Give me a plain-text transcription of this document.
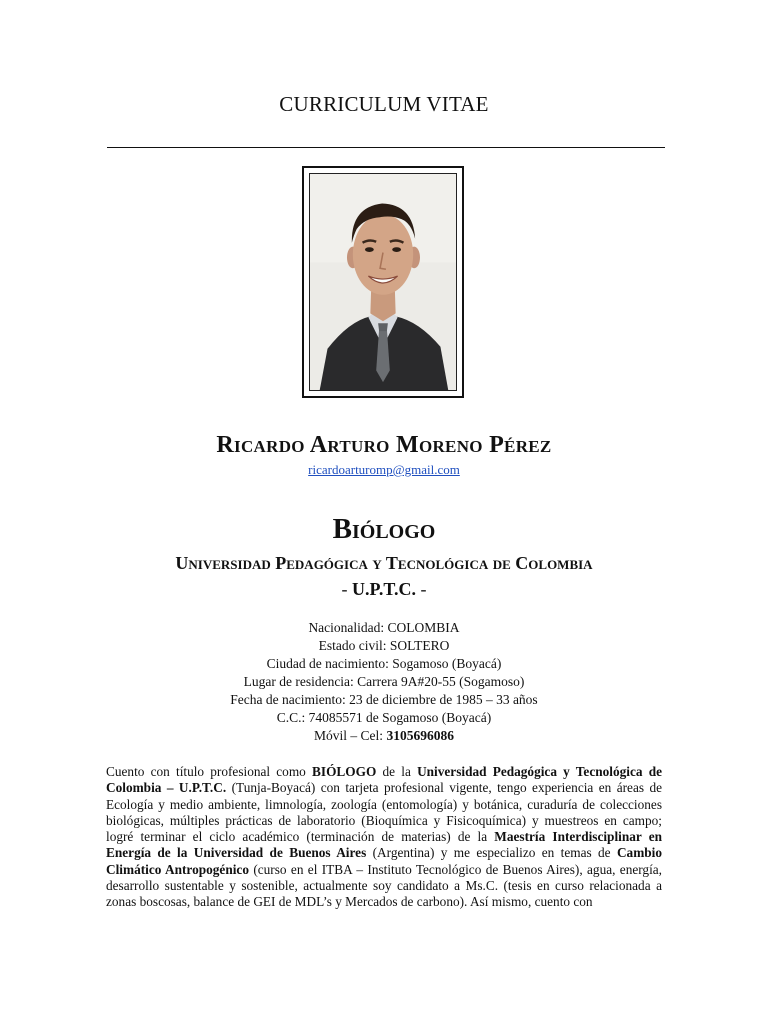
CURRICULUM VITAE
Ricardo Arturo Moreno Pérez
ricardoarturomp@gmail.com
Biólogo
Universidad Pedagógica y Tecnológica de Colombia
- U.P.T.C. -
Nacionalidad: COLOMBIA
Estado civil: SOLTERO
Ciudad de nacimiento: Sogamoso (Boyacá)
Lugar de residencia: Carrera 9A#20-55 (Sogamoso)
Fecha de nacimiento: 23 de diciembre de 1985 – 33 años
C.C.: 74085571 de Sogamoso (Boyacá)
Móvil – Cel: 3105696086
Cuento con título profesional como BIÓLOGO de la Universidad Pedagógica y Tecnológica de Colombia – U.P.T.C. (Tunja-Boyacá) con tarjeta profesional vigente, tengo experiencia en áreas de Ecología y medio ambiente, limnología, zoología (entomología) y botánica, curaduría de colecciones biológicas, múltiples prácticas de laboratorio (Bioquímica y Fisicoquímica) y muestreos en campo; logré terminar el ciclo académico (terminación de materias) de la Maestría Interdisciplinar en Energía de la Universidad de Buenos Aires (Argentina) y me especializo en temas de Cambio Climático Antropogénico (curso en el ITBA – Instituto Tecnológico de Buenos Aires), agua, energía, desarrollo sustentable y sostenible, actualmente soy candidato a Ms.C. (tesis en curso relacionada a zonas boscosas, balance de GEI de MDL’s y Mercados de carbono). Así mismo, cuento con
